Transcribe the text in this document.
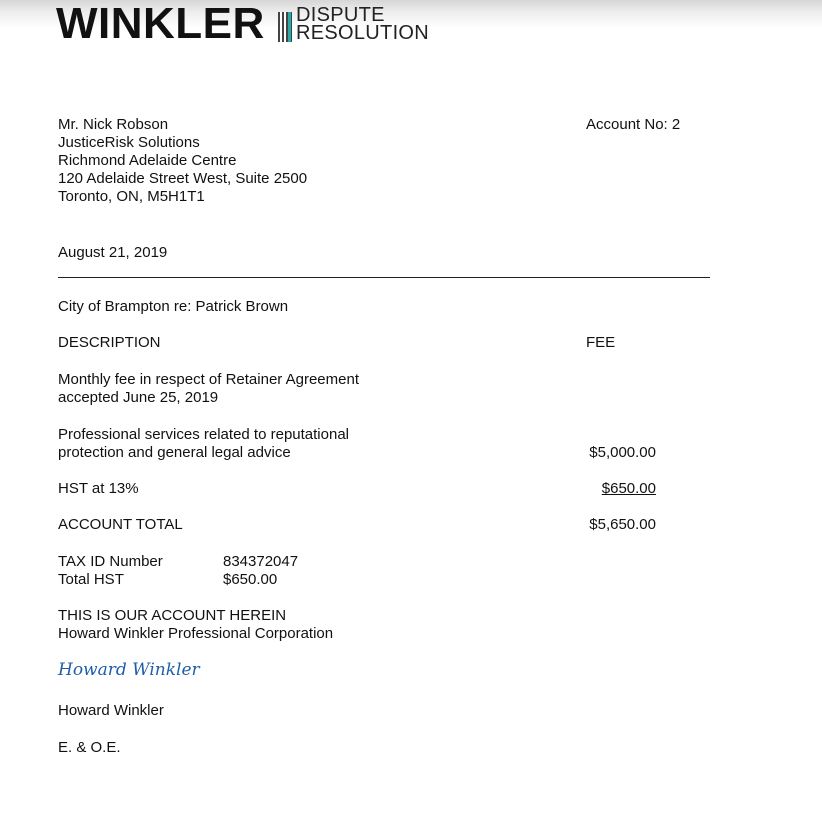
WINKLER DISPUTE
RESOLUTION
Mr. Nick Robson
JusticeRisk Solutions
Richmond Adelaide Centre
120 Adelaide Street West, Suite 2500
Toronto, ON, M5H1T1
Account No: 2
August 21, 2019
City of Brampton re: Patrick Brown
DESCRIPTION	FEE
Monthly fee in respect of Retainer Agreement
accepted June 25, 2019
Professional services related to reputational
protection and general legal advice	$5,000.00
HST at 13%	$650.00
ACCOUNT TOTAL	$5,650.00
TAX ID Number	834372047
Total HST	$650.00
THIS IS OUR ACCOUNT HEREIN
Howard Winkler Professional Corporation
Howard Winkler
Howard Winkler
E. & O.E.
